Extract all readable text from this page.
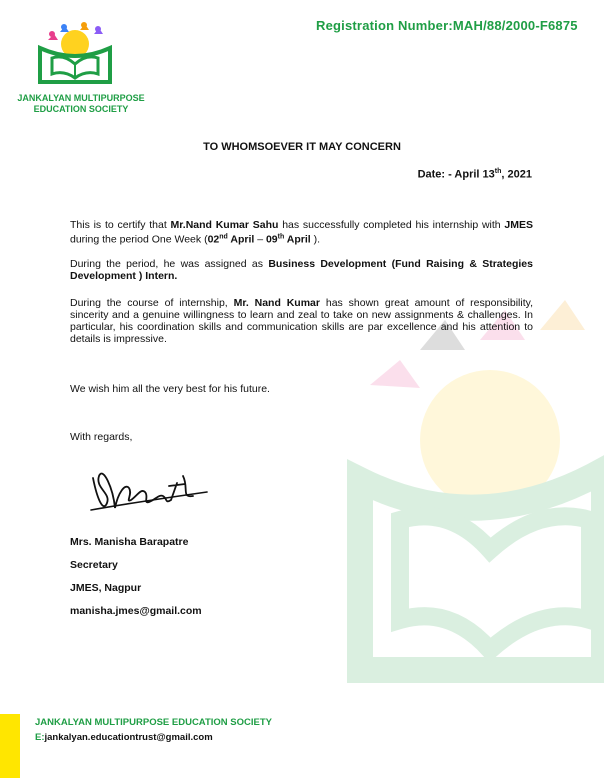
Registration Number:MAH/88/2000-F6875
JANKALYAN MULTIPURPOSE
EDUCATION SOCIETY
TO WHOMSOEVER IT MAY CONCERN
Date: - April 13th, 2021
This is to certify that Mr.Nand Kumar Sahu has successfully completed his internship with JMES during the period One Week (02nd April – 09th April ).
During the period, he was assigned as Business Development (Fund Raising & Strategies Development ) Intern.
During the course of internship, Mr. Nand Kumar has shown great amount of responsibility, sincerity and a genuine willingness to learn and zeal to take on new assignments & challenges. In particular, his coordination skills and communication skills are par excellence and his attention to details is impressive.
We wish him all the very best for his future.
With regards,
Mrs. Manisha Barapatre
Secretary
JMES, Nagpur
manisha.jmes@gmail.com
JANKALYAN MULTIPURPOSE EDUCATION SOCIETY
E:jankalyan.educationtrust@gmail.com
